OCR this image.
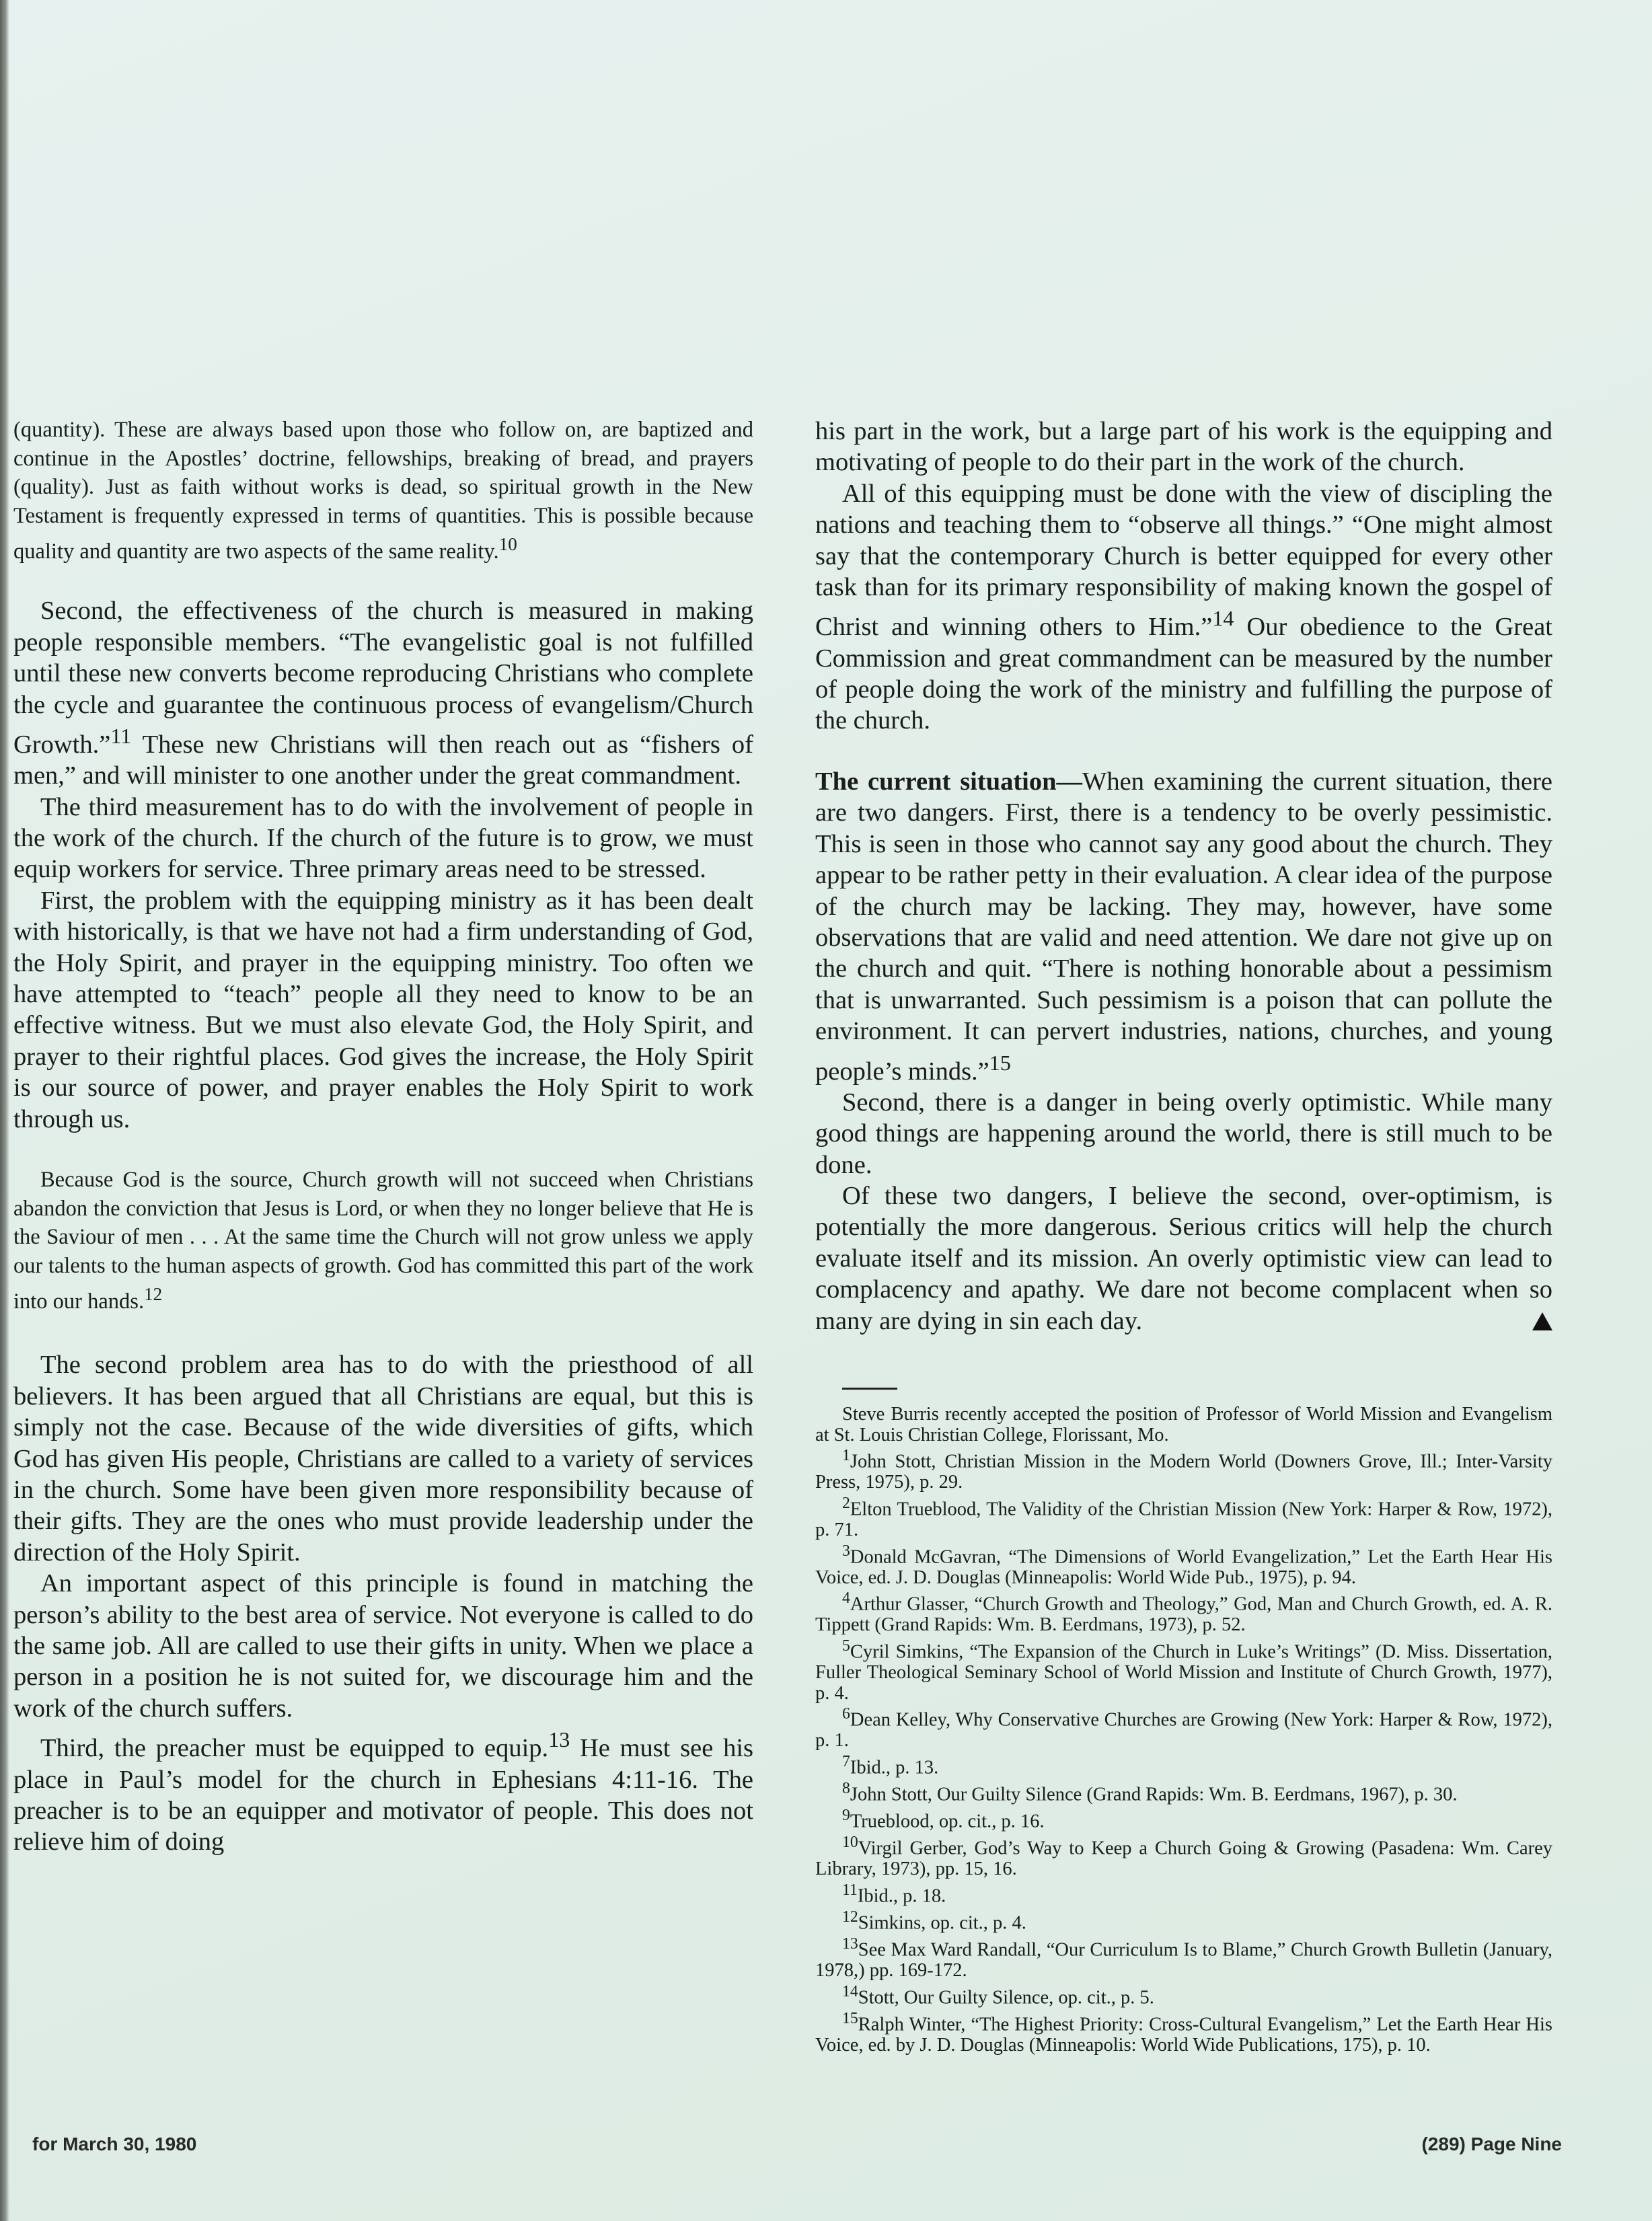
(quantity). These are always based upon those who follow on, are baptized and continue in the Apostles’ doctrine, fellowships, breaking of bread, and prayers (quality). Just as faith without works is dead, so spiritual growth in the New Testament is frequently expressed in terms of quantities. This is possible because quality and quantity are two aspects of the same reality.$^{10}$

Second, the effectiveness of the church is measured in making people responsible members. “The evangelistic goal is not fulfilled until these new converts become reproducing Christians who complete the cycle and guarantee the continuous process of evangelism/Church Growth.”$^{11}$ These new Christians will then reach out as “fishers of men,” and will minister to one another under the great commandment.

The third measurement has to do with the involvement of people in the work of the church. If the church of the future is to grow, we must equip workers for service. Three primary areas need to be stressed.

First, the problem with the equipping ministry as it has been dealt with historically, is that we have not had a firm understanding of God, the Holy Spirit, and prayer in the equipping ministry. Too often we have attempted to “teach” people all they need to know to be an effective witness. But we must also elevate God, the Holy Spirit, and prayer to their rightful places. God gives the increase, the Holy Spirit is our source of power, and prayer enables the Holy Spirit to work through us.

Because God is the source, Church growth will not succeed when Christians abandon the conviction that Jesus is Lord, or when they no longer believe that He is the Saviour of men . . . At the same time the Church will not grow unless we apply our talents to the human aspects of growth. God has committed this part of the work into our hands.$^{12}$

The second problem area has to do with the priesthood of all believers. It has been argued that all Christians are equal, but this is simply not the case. Because of the wide diversities of gifts, which God has given His people, Christians are called to a variety of services in the church. Some have been given more responsibility because of their gifts. They are the ones who must provide leadership under the direction of the Holy Spirit.

An important aspect of this principle is found in matching the person’s ability to the best area of service. Not everyone is called to do the same job. All are called to use their gifts in unity. When we place a person in a position he is not suited for, we discourage him and the work of the church suffers.

Third, the preacher must be equipped to equip.$^{13}$ He must see his place in Paul’s model for the church in Ephesians 4:11-16. The preacher is to be an equipper and motivator of people. This does not relieve him of doing

his part in the work, but a large part of his work is the equipping and motivating of people to do their part in the work of the church.

All of this equipping must be done with the view of discipling the nations and teaching them to “observe all things.” “One might almost say that the contemporary Church is better equipped for every other task than for its primary responsibility of making known the gospel of Christ and winning others to Him.”$^{14}$ Our obedience to the Great Commission and great commandment can be measured by the number of people doing the work of the ministry and fulfilling the purpose of the church.

The current situation—When examining the current situation, there are two dangers. First, there is a tendency to be overly pessimistic. This is seen in those who cannot say any good about the church. They appear to be rather petty in their evaluation. A clear idea of the purpose of the church may be lacking. They may, however, have some observations that are valid and need attention. We dare not give up on the church and quit. “There is nothing honorable about a pessimism that is unwarranted. Such pessimism is a poison that can pollute the environment. It can pervert industries, nations, churches, and young people’s minds.”$^{15}$

Second, there is a danger in being overly optimistic. While many good things are happening around the world, there is still much to be done.

Of these two dangers, I believe the second, over-optimism, is potentially the more dangerous. Serious critics will help the church evaluate itself and its mission. An overly optimistic view can lead to complacency and apathy. We dare not become complacent when so many are dying in sin each day.

Steve Burris recently accepted the position of Professor of World Mission and Evangelism at St. Louis Christian College, Florissant, Mo.

$^1$John Stott, Christian Mission in the Modern World (Downers Grove, Ill.; Inter-Varsity Press, 1975), p. 29.

$^2$Elton Trueblood, The Validity of the Christian Mission (New York: Harper & Row, 1972), p. 71.

$^3$Donald McGavran, “The Dimensions of World Evangelization,” Let the Earth Hear His Voice, ed. J. D. Douglas (Minneapolis: World Wide Pub., 1975), p. 94.

$^4$Arthur Glasser, “Church Growth and Theology,” God, Man and Church Growth, ed. A. R. Tippett (Grand Rapids: Wm. B. Eerdmans, 1973), p. 52.

$^5$Cyril Simkins, “The Expansion of the Church in Luke’s Writings” (D. Miss. Dissertation, Fuller Theological Seminary School of World Mission and Institute of Church Growth, 1977), p. 4.

$^6$Dean Kelley, Why Conservative Churches are Growing (New York: Harper & Row, 1972), p. 1.

$^7$Ibid., p. 13.

$^8$John Stott, Our Guilty Silence (Grand Rapids: Wm. B. Eerdmans, 1967), p. 30.

$^9$Trueblood, op. cit., p. 16.

$^{10}$Virgil Gerber, God’s Way to Keep a Church Going & Growing (Pasadena: Wm. Carey Library, 1973), pp. 15, 16.

$^{11}$Ibid., p. 18.

$^{12}$Simkins, op. cit., p. 4.

$^{13}$See Max Ward Randall, “Our Curriculum Is to Blame,” Church Growth Bulletin (January, 1978,) pp. 169-172.

$^{14}$Stott, Our Guilty Silence, op. cit., p. 5.

$^{15}$Ralph Winter, “The Highest Priority: Cross-Cultural Evangelism,” Let the Earth Hear His Voice, ed. by J. D. Douglas (Minneapolis: World Wide Publications, 175), p. 10.

for March 30, 1980	(289) Page Nine
